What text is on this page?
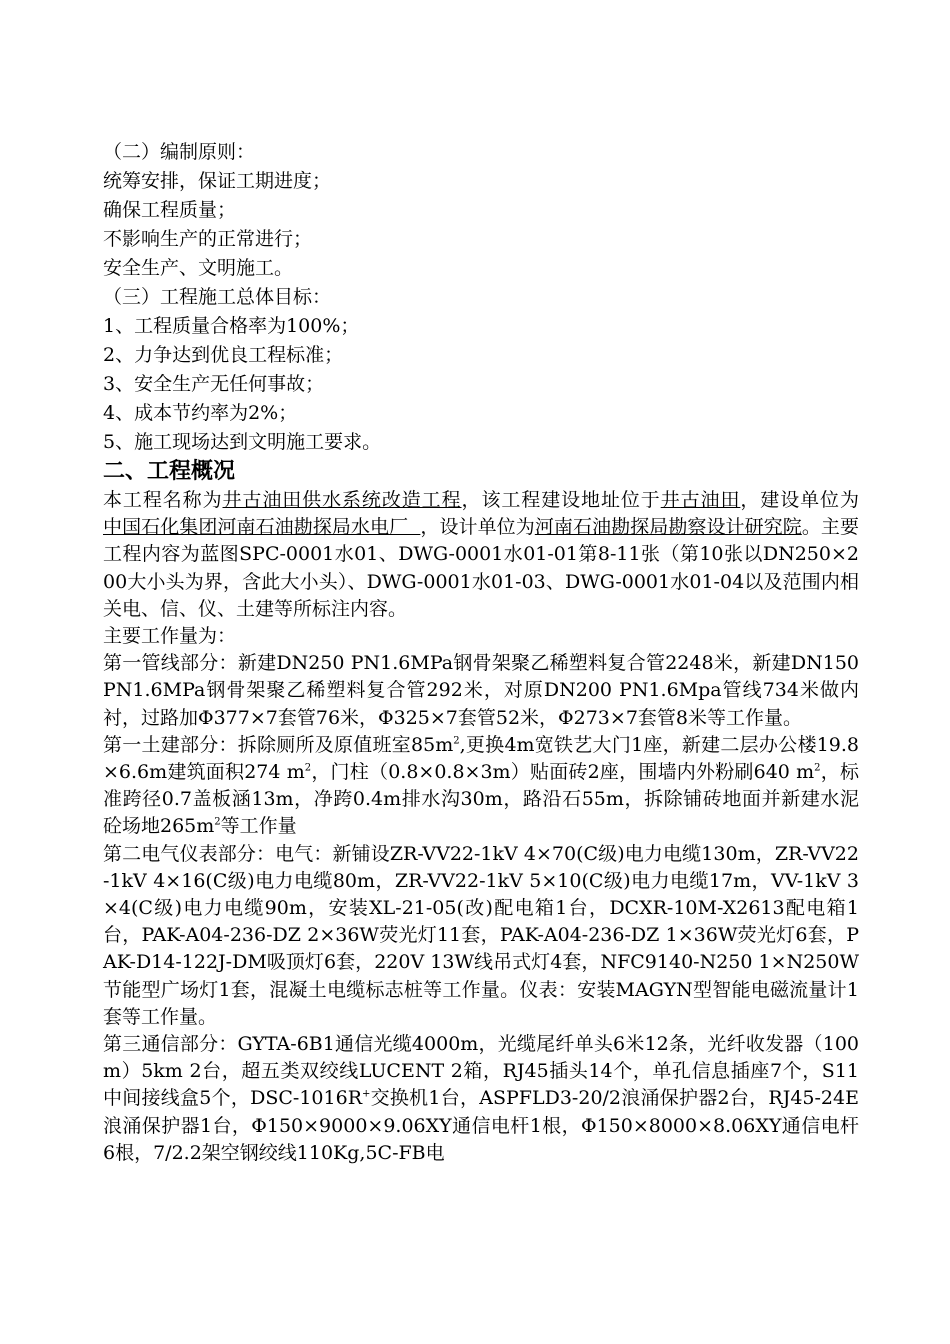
（二）编制原则：
统筹安排，保证工期进度；
确保工程质量；
不影响生产的正常进行；
安全生产、文明施工。
（三）工程施工总体目标：
1、工程质量合格率为100%；
2、力争达到优良工程标准；
3、安全生产无任何事故；
4、成本节约率为2%；
5、施工现场达到文明施工要求。
二、工程概况
本工程名称为井古油田供水系统改造工程，该工程建设地址位于井古油田，建设单位为中国石化集团河南石油勘探局水电厂  ，设计单位为河南石油勘探局勘察设计研究院。主要工程内容为蓝图SPC-0001水01、DWG-0001水01-01第8-11张（第10张以DN250×200大小头为界，含此大小头）、DWG-0001水01-03、DWG-0001水01-04以及范围内相关电、信、仪、土建等所标注内容。
主要工作量为：
第一管线部分：新建DN250 PN1.6MPa钢骨架聚乙稀塑料复合管2248米，新建DN150 PN1.6MPa钢骨架聚乙稀塑料复合管292米，对原DN200 PN1.6Mpa管线734米做内衬，过路加Φ377×7套管76米，Φ325×7套管52米，Φ273×7套管8米等工作量。
第一土建部分：拆除厕所及原值班室$85m^2$,更换4m宽铁艺大门1座，新建二层办公楼19.8×6.6m建筑面积274 $m^2$，门柱（0.8×0.8×3m）贴面砖2座，围墙内外粉刷640 $m^2$，标准跨径0.7盖板涵13m，净跨0.4m排水沟30m，路沿石55m，拆除铺砖地面并新建水泥砼场地$265m^2$等工作量
第二电气仪表部分：电气：新铺设ZR-VV22-1kV 4×70(C级)电力电缆130m，ZR-VV22-1kV 4×16(C级)电力电缆80m，ZR-VV22-1kV 5×10(C级)电力电缆17m，VV-1kV 3×4(C级)电力电缆90m，安装XL-21-05(改)配电箱1台，DCXR-10M-X2613配电箱1台，PAK-A04-236-DZ 2×36W荧光灯11套，PAK-A04-236-DZ 1×36W荧光灯6套，PAK-D14-122J-DM吸顶灯6套，220V 13W线吊式灯4套，NFC9140-N250 1×N250W节能型广场灯1套，混凝土电缆标志桩等工作量。仪表：安装MAGYN型智能电磁流量计1套等工作量。
第三通信部分：GYTA-6B1通信光缆4000m，光缆尾纤单头6米12条，光纤收发器（100m）5km 2台，超五类双绞线LUCENT 2箱，RJ45插头14个，单孔信息插座7个，S11中间接线盒5个，DSC-1016R+交换机1台，ASPFLD3-20/2浪涌保护器2台，RJ45-24E浪涌保护器1台，Φ150×9000×9.06XY通信电杆1根，Φ150×8000×8.06XY通信电杆6根，7/2.2架空钢绞线110Kg,5C-FB电
